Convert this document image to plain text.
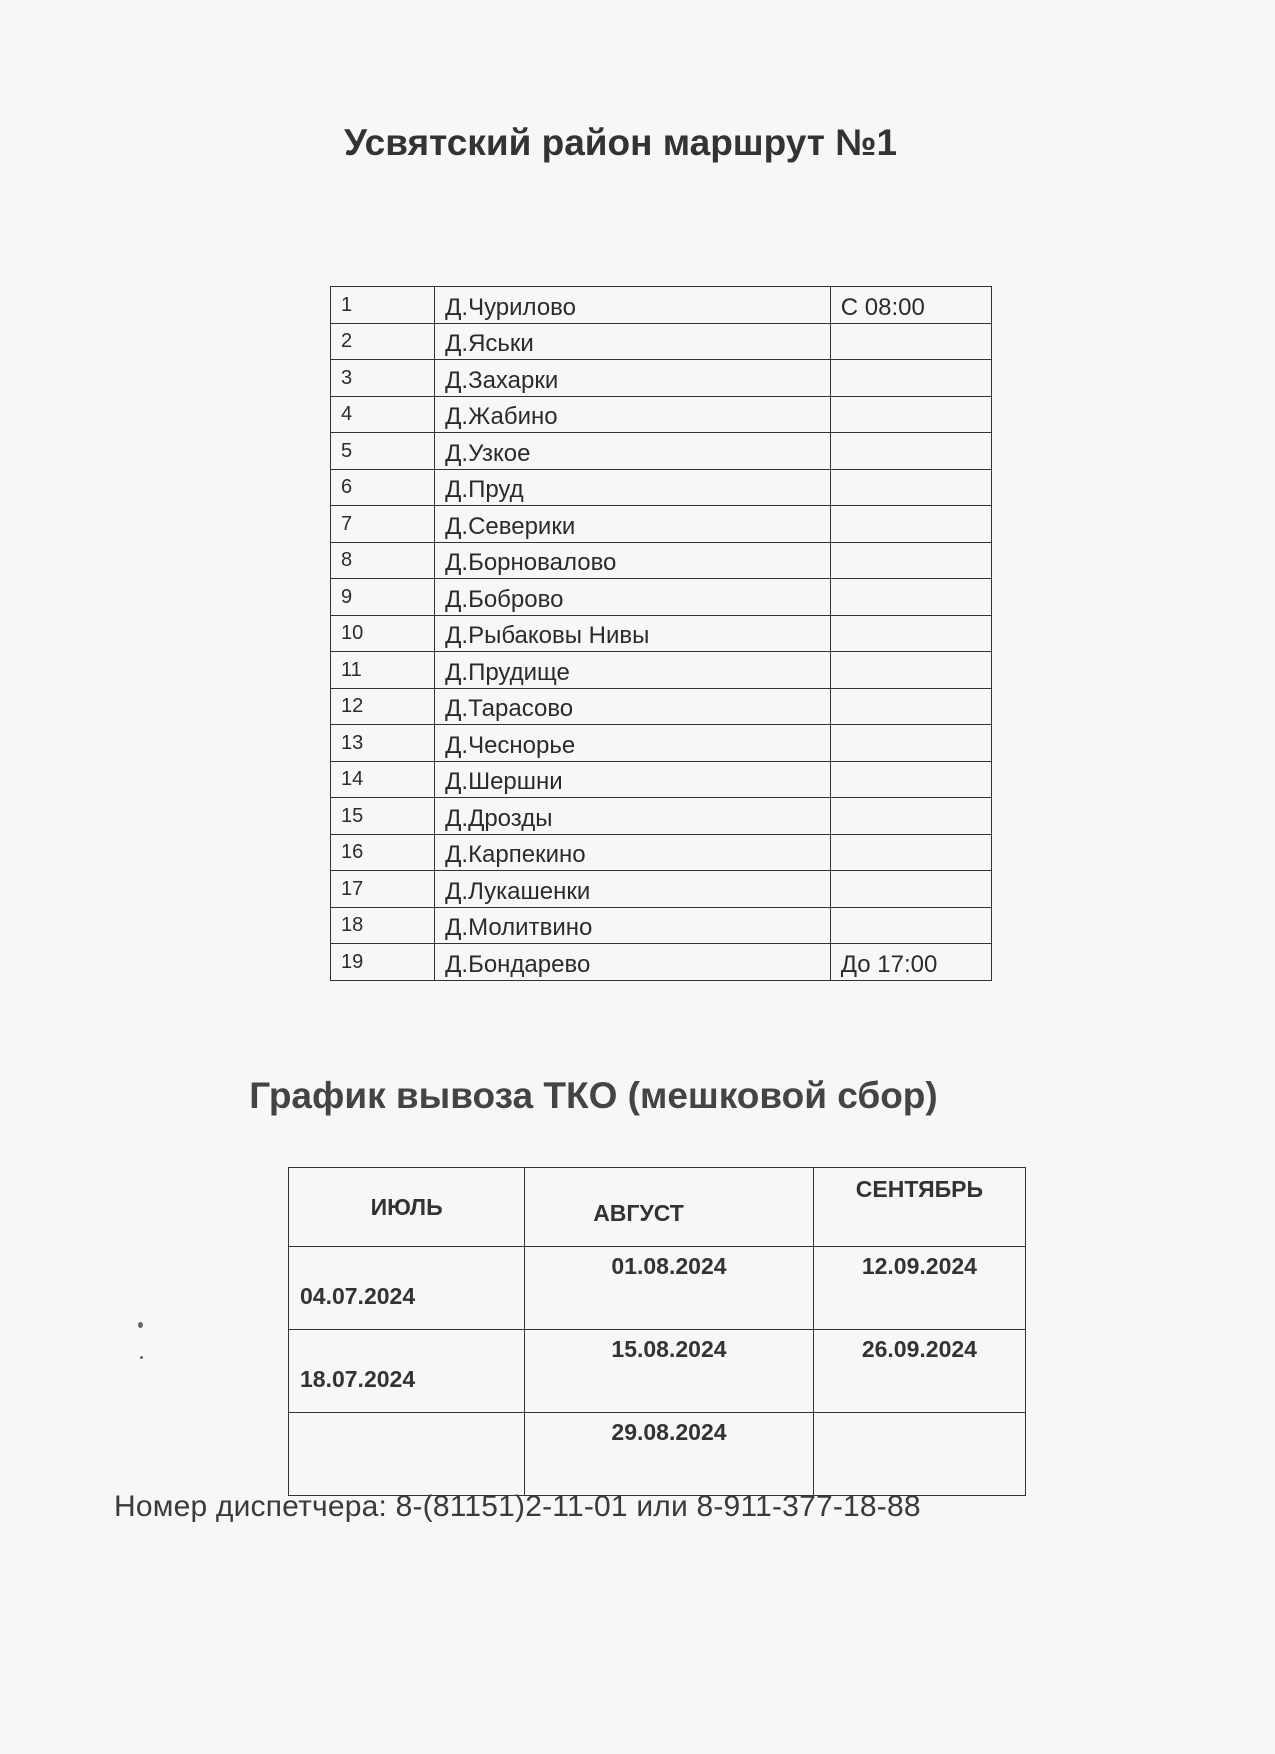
Усвятский район маршрут №1
1	Д.Чурилово	С 08:00
2	Д.Яськи	
3	Д.Захарки	
4	Д.Жабино	
5	Д.Узкое	
6	Д.Пруд	
7	Д.Северики	
8	Д.Борновалово	
9	Д.Боброво	
10	Д.Рыбаковы Нивы	
11	Д.Прудище	
12	Д.Тарасово	
13	Д.Чеснорье	
14	Д.Шершни	
15	Д.Дрозды	
16	Д.Карпекино	
17	Д.Лукашенки	
18	Д.Молитвино	
19	Д.Бондарево	До 17:00
График вывоза ТКО (мешковой сбор)
ИЮЛЬ	АВГУСТ	СЕНТЯБРЬ
04.07.2024	01.08.2024	12.09.2024
18.07.2024	15.08.2024	26.09.2024
	29.08.2024	
Номер диспетчера: 8-(81151)2-11-01 или 8-911-377-18-88
